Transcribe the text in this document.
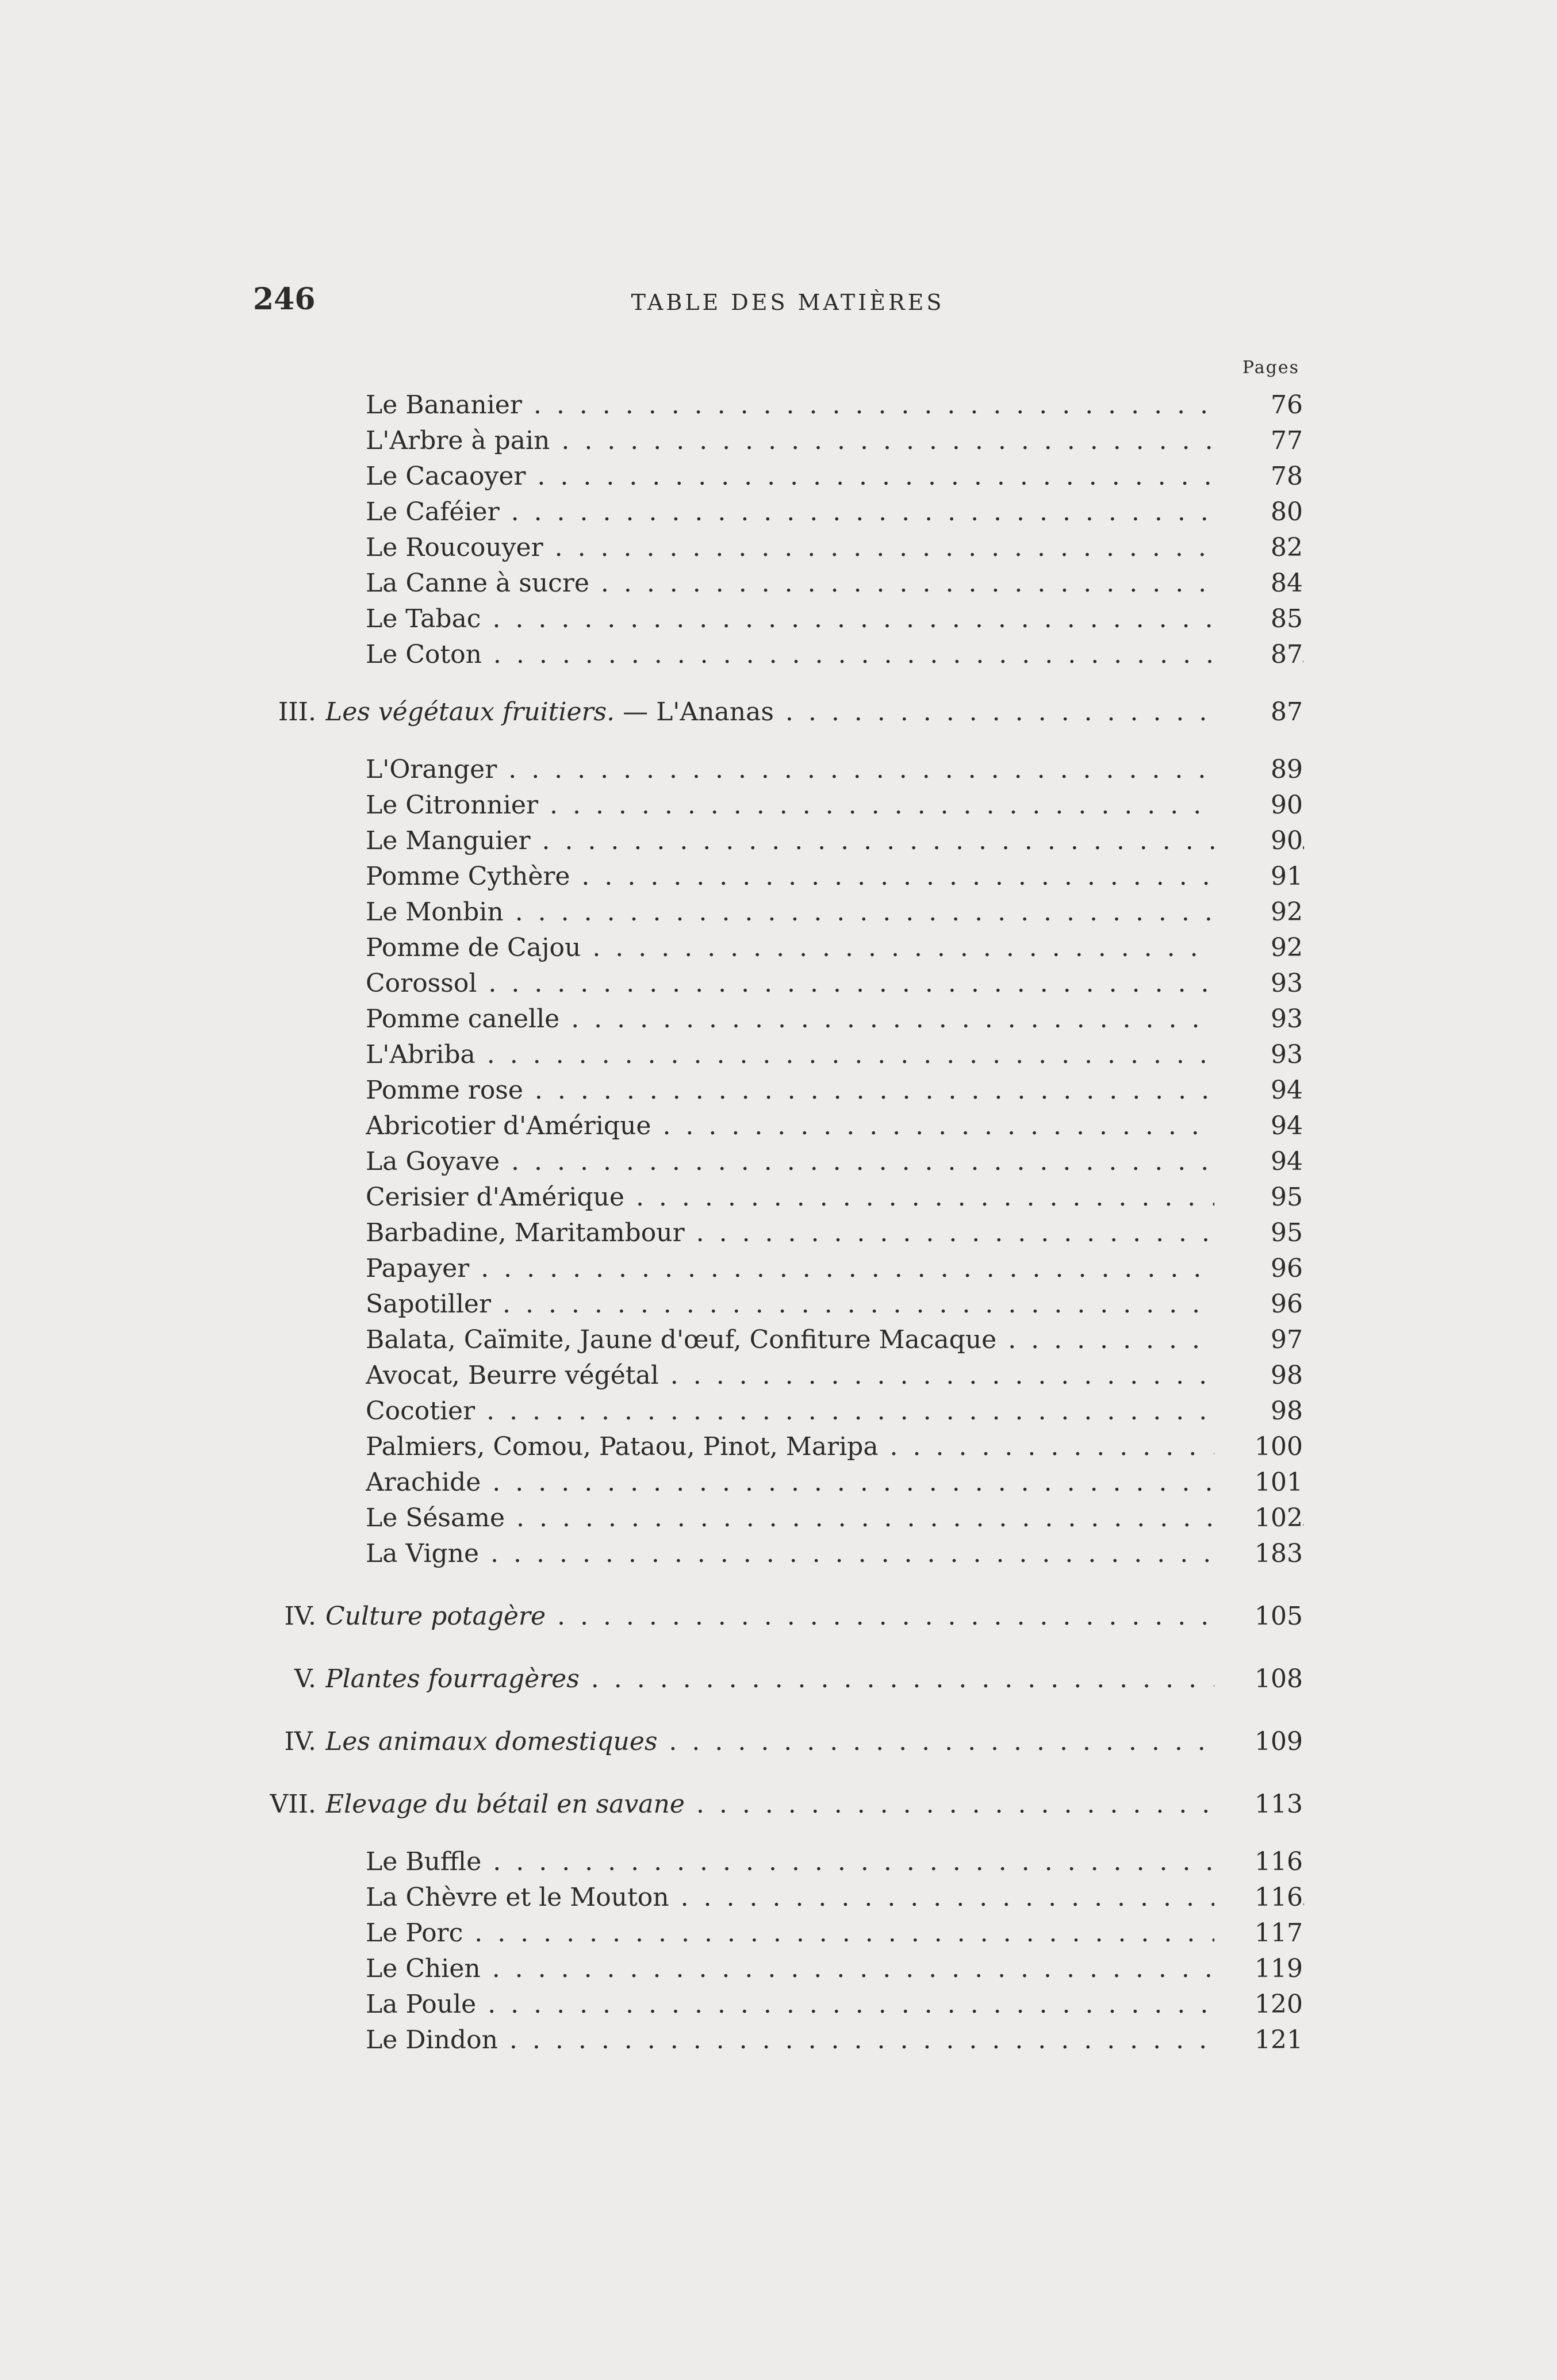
246	TABLE DES MATIÈRES
Pages
Le Bananier . . .	76
L'Arbre à pain . . .	77
Le Cacaoyer . . .	78
Le Caféier . . .	80
Le Roucouyer . . .	82
La Canne à sucre . . .	84
Le Tabac . . .	85
Le Coton . . .	87
III. Les végétaux fruitiers. — L'Ananas . . .	87
L'Oranger . . .	89
Le Citronnier . . .	90
Le Manguier . . .	90
Pomme Cythère . . .	91
Le Monbin . . .	92
Pomme de Cajou . . .	92
Corossol . . .	93
Pomme canelle . . .	93
L'Abriba . . .	93
Pomme rose . . .	94
Abricotier d'Amérique . . .	94
La Goyave . . .	94
Cerisier d'Amérique . . .	95
Barbadine, Maritambour . . .	95
Papayer . . .	96
Sapotiller . . .	96
Balata, Caïmite, Jaune d'œuf, Confiture Macaque . . .	97
Avocat, Beurre végétal . . .	98
Cocotier . . .	98
Palmiers, Comou, Pataou, Pinot, Maripa . . .	100
Arachide . . .	101
Le Sésame . . .	102
La Vigne . . .	183
IV. Culture potagère . . .	105
V. Plantes fourragères . . .	108
IV. Les animaux domestiques . . .	109
VII. Elevage du bétail en savane . . .	113
Le Buffle . . .	116
La Chèvre et le Mouton . . .	116
Le Porc . . .	117
Le Chien . . .	119
La Poule . . .	120
Le Dindon . . .	121
